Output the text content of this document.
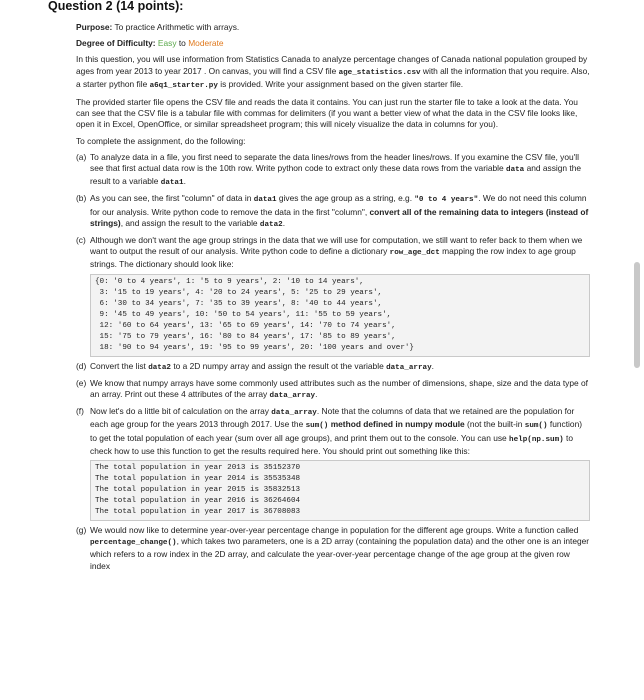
Question 2 (14 points):

Purpose: To practice Arithmetic with arrays.

Degree of Difficulty: Easy to Moderate

In this question, you will use information from Statistics Canada to analyze percentage changes of Canada national population grouped by ages from year 2013 to year 2017 . On canvas, you will find a CSV file age_statistics.csv with all the information that you require. Also, a starter python file a6q1_starter.py is provided. Write your assignment based on the given starter file.

The provided starter file opens the CSV file and reads the data it contains. You can just run the starter file to take a look at the data. You can see that the CSV file is a tabular file with commas for delimiters (if you want a better view of what the data in the CSV file looks like, open it in Excel, OpenOffice, or similar spreadsheet program; this will nicely visualize the data in columns for you).

To complete the assignment, do the following:

(a) To analyze data in a file, you first need to separate the data lines/rows from the header lines/rows. If you examine the CSV file, you'll see that first actual data row is the 10th row. Write python code to extract only these data rows from the variable data and assign the result to a variable data1.
(b) As you can see, the first "column" of data in data1 gives the age group as a string, e.g. "0 to 4 years". We do not need this column for our analysis. Write python code to remove the data in the first "column", convert all of the remaining data to integers (instead of strings), and assign the result to the variable data2.
(c) Although we don't want the age group strings in the data that we will use for computation, we still want to refer back to them when we want to output the result of our analysis. Write python code to define a dictionary row_age_dct mapping the row index to age group strings. The dictionary should look like:
{0: '0 to 4 years', 1: '5 to 9 years', 2: '10 to 14 years',
3: '15 to 19 years', 4: '20 to 24 years', 5: '25 to 29 years',
6: '30 to 34 years', 7: '35 to 39 years', 8: '40 to 44 years',
9: '45 to 49 years', 10: '50 to 54 years', 11: '55 to 59 years',
12: '60 to 64 years', 13: '65 to 69 years', 14: '70 to 74 years',
15: '75 to 79 years', 16: '80 to 84 years', 17: '85 to 89 years',
18: '90 to 94 years', 19: '95 to 99 years', 20: '100 years and over'}
(d) Convert the list data2 to a 2D numpy array and assign the result ot the variable data_array.
(e) We know that numpy arrays have some commonly used attributes such as the number of dimensions, shape, size and the data type of an array. Print out these 4 attributes of the array data_array.
(f) Now let's do a little bit of calculation on the array data_array. Note that the columns of data that we retained are the population for each age group for the years 2013 through 2017. Use the sum() method defined in numpy module (not the built-in sum() function) to get the total population of each year (sum over all age groups), and print them out to the console. You can use help(np.sum) to check how to use this function to get the results required here. You should print out something like this:
The total population in year 2013 is 35152370
The total population in year 2014 is 35535348
The total population in year 2015 is 35832513
The total population in year 2016 is 36264604
The total population in year 2017 is 36708083
(g) We would now like to determine year-over-year percentage change in population for the different age groups. Write a function called percentage_change(), which takes two parameters, one is a 2D array (containing the population data) and the other one is an integer which refers to a row index in the 2D array, and calculate the year-over-year percentage change of the age group at the given row index
